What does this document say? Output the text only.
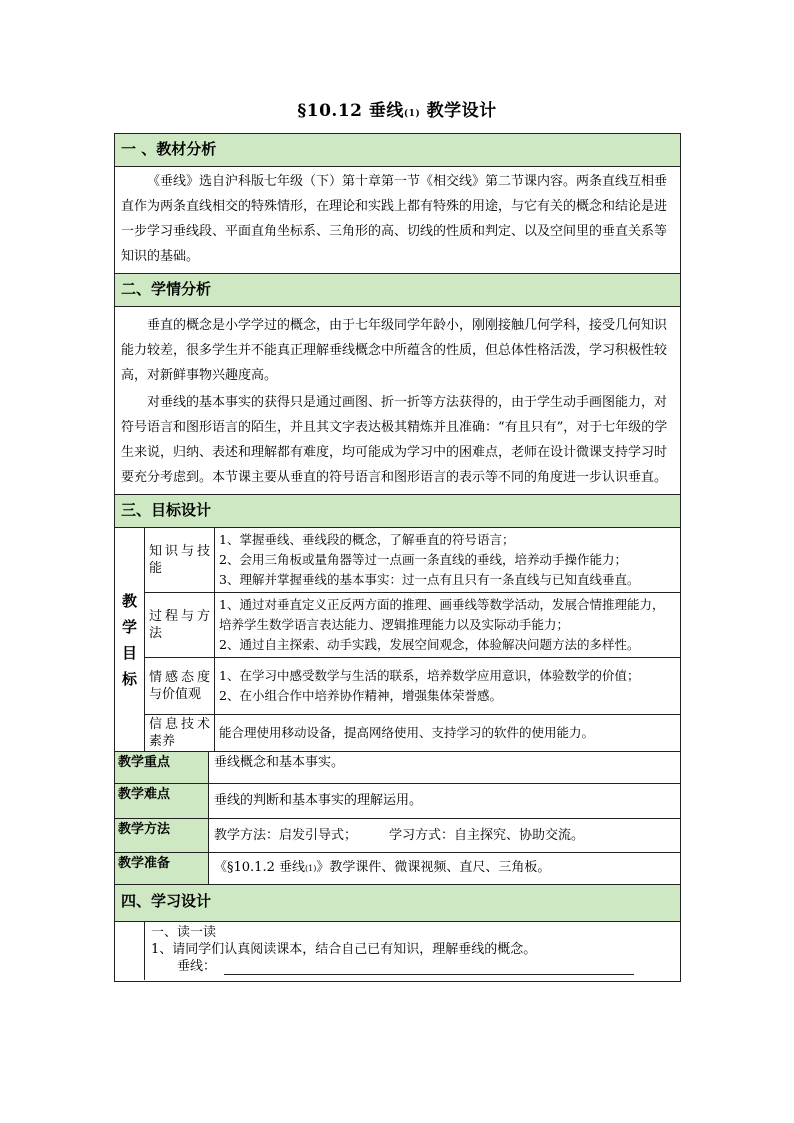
§10.12 垂线(1) 教学设计
一 、教材分析
《垂线》选自沪科版七年级（下）第十章第一节《相交线》第二节课内容。两条直线互相垂直作为两条直线相交的特殊情形，在理论和实践上都有特殊的用途，与它有关的概念和结论是进一步学习垂线段、平面直角坐标系、三角形的高、切线的性质和判定、以及空间里的垂直关系等知识的基础。
二、学情分析
垂直的概念是小学学过的概念，由于七年级同学年龄小，刚刚接触几何学科，接受几何知识能力较差，很多学生并不能真正理解垂线概念中所蕴含的性质，但总体性格活泼，学习积极性较高，对新鲜事物兴趣度高。
对垂线的基本事实的获得只是通过画图、折一折等方法获得的，由于学生动手画图能力，对符号语言和图形语言的陌生，并且其文字表达极其精炼并且准确：“有且只有”，对于七年级的学生来说，归纳、表述和理解都有难度，均可能成为学习中的困难点，老师在设计微课支持学习时要充分考虑到。本节课主要从垂直的符号语言和图形语言的表示等不同的角度进一步认识垂直。
三、目标设计
教学目标	知识与技能	1、掌握垂线、垂线段的概念，了解垂直的符号语言；
2、会用三角板或量角器等过一点画一条直线的垂线，培养动手操作能力；
3、理解并掌握垂线的基本事实：过一点有且只有一条直线与已知直线垂直。

	过程与方法	1、通过对垂直定义正反两方面的推理、画垂线等数学活动，发展合情推理能力，培养学生数学语言表达能力、逻辑推理能力以及实际动手能力；
2、通过自主探索、动手实践，发展空间观念，体验解决问题方法的多样性。

	情感态度与价值观	1、在学习中感受数学与生活的联系，培养数学应用意识，体验数学的价值；
2、在小组合作中培养协作精神，增强集体荣誉感。

	信息技术素养	能合理使用移动设备，提高网络使用、支持学习的软件的使用能力。
教学重点	垂线概念和基本事实。
教学难点	垂线的判断和基本事实的理解运用。
教学方法	教学方法：启发引导式； 学习方式：自主探究、协助交流。
教学准备	《§10.1.2 垂线(1)》教学课件、微课视频、直尺、三角板。
四、学习设计
一、读一读
1、请同学们认真阅读课本，结合自己已有知识，理解垂线的概念。
垂线：
